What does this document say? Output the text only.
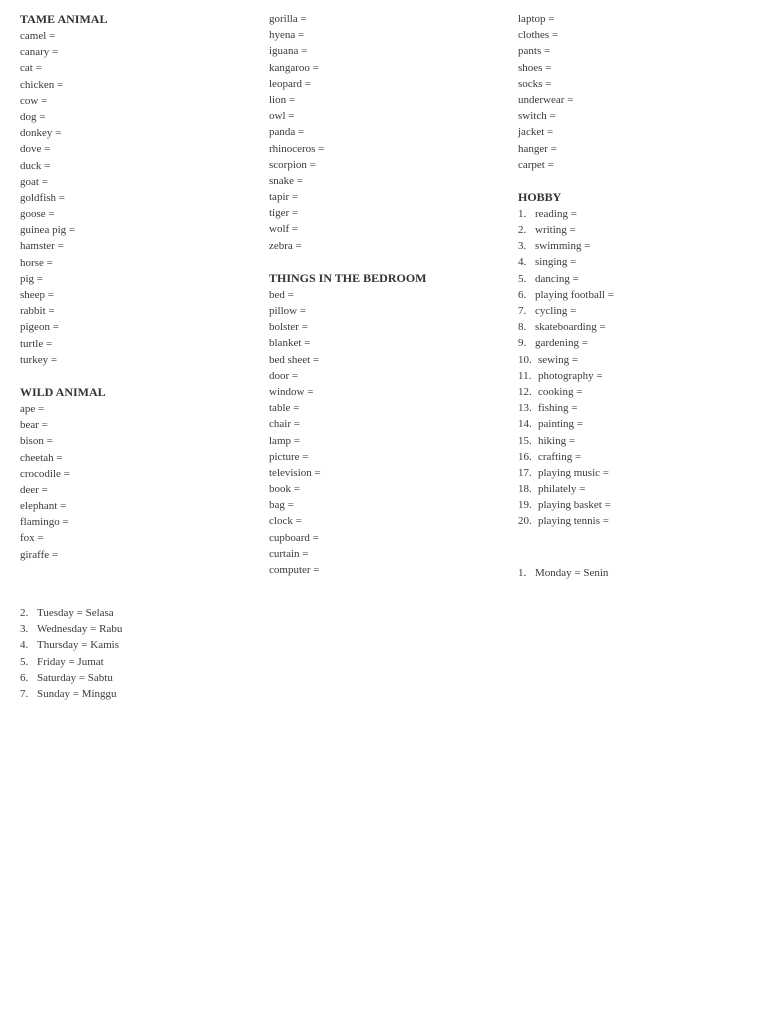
TAME ANIMAL
camel =
canary =
cat =
chicken =
cow =
dog =
donkey =
dove =
duck =
goat =
goldfish =
goose =
guinea pig =
hamster =
horse =
pig =
sheep =
rabbit =
pigeon =
turtle =
turkey =
WILD ANIMAL
ape =
bear =
bison =
cheetah =
crocodile =
deer =
elephant =
flamingo =
fox =
giraffe =
gorilla =
hyena =
iguana =
kangaroo =
leopard =
lion =
owl =
panda =
rhinoceros =
scorpion =
snake =
tapir =
tiger =
wolf =
zebra =
THINGS IN THE BEDROOM
bed =
pillow =
bolster =
blanket =
bed sheet =
door =
window =
table =
chair =
lamp =
picture =
television =
book =
bag =
clock =
cupboard =
curtain =
computer =
laptop =
clothes =
pants =
shoes =
socks =
underwear =
switch =
jacket =
hanger =
carpet =
HOBBY
1. reading =
2. writing =
3. swimming =
4. singing =
5. dancing =
6. playing football =
7. cycling =
8. skateboarding =
9. gardening =
10. sewing =
11. photography =
12. cooking =
13. fishing =
14. painting =
15. hiking =
16. crafting =
17. playing music =
18. philately =
19. playing basket =
20. playing tennis =
1. Monday = Senin
2. Tuesday = Selasa
3. Wednesday = Rabu
4. Thursday = Kamis
5. Friday = Jumat
6. Saturday = Sabtu
7. Sunday = Minggu
